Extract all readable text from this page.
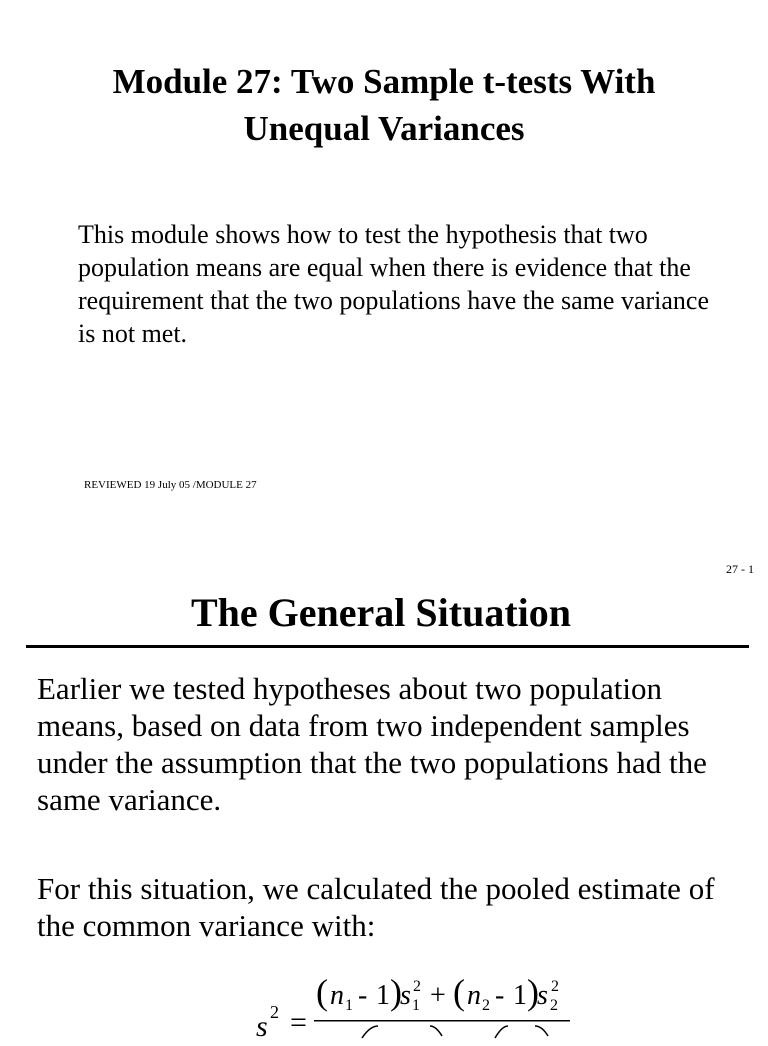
Module 27: Two Sample t-tests With
Unequal Variances
This module shows how to test the hypothesis that two population means are equal when there is evidence that the requirement that the two populations have the same variance is not met.
REVIEWED 19 July 05 /MODULE 27
27 - 1
The General Situation
Earlier we tested hypotheses about two population means, based on data from two independent samples under the assumption that the two populations had the same variance.
For this situation, we calculated the pooled estimate of the common variance with:
s 2 =
( n 1 - 1 )
s 1
2 + ( n 2 - 1 )
s 2
2
